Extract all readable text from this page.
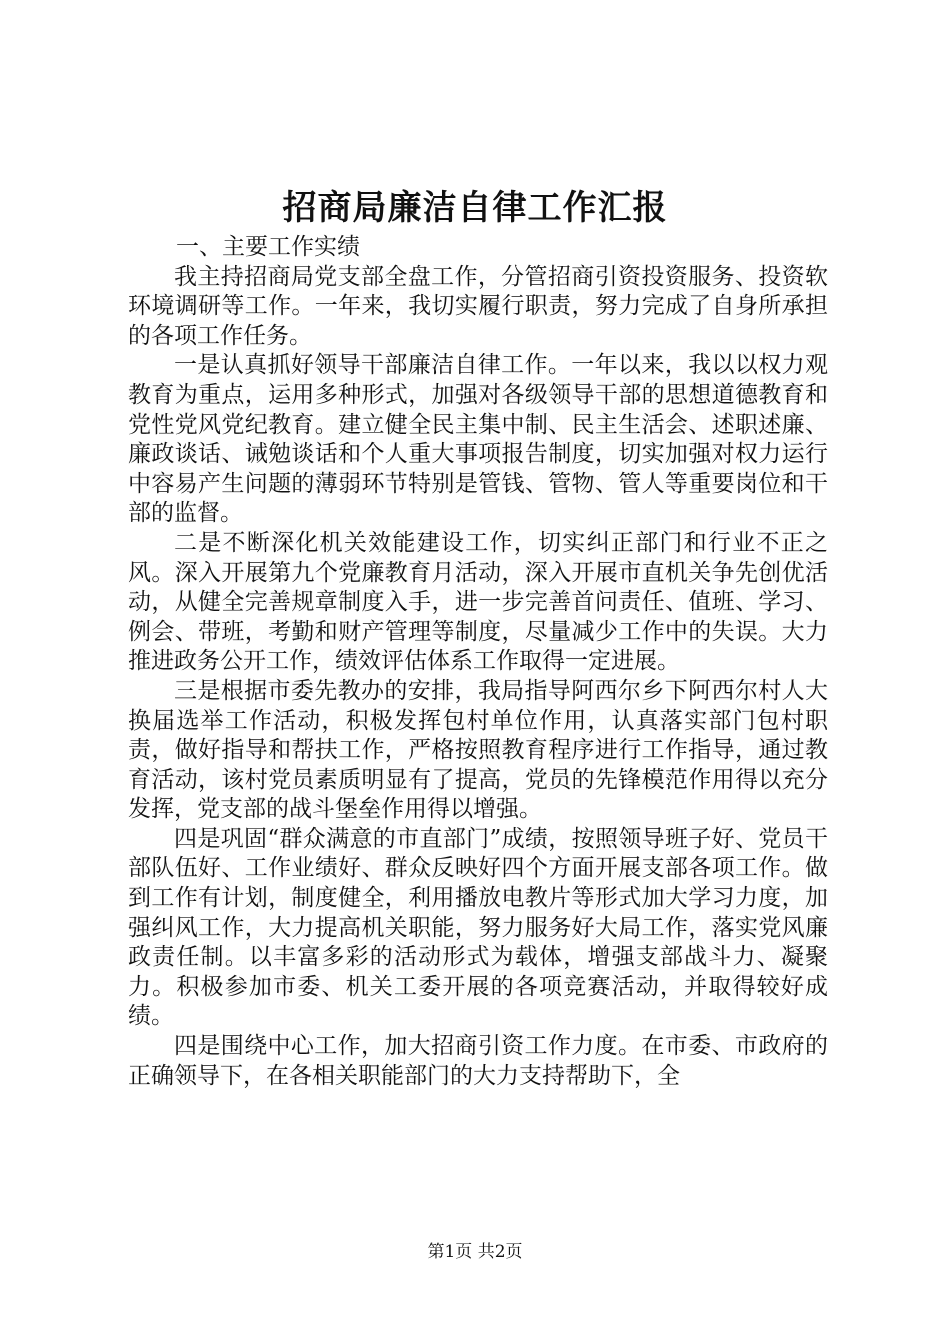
招商局廉洁自律工作汇报

一、主要工作实绩

我主持招商局党支部全盘工作，分管招商引资投资服务、投资软环境调研等工作。一年来，我切实履行职责，努力完成了自身所承担的各项工作任务。

一是认真抓好领导干部廉洁自律工作。一年以来，我以以权力观教育为重点，运用多种形式，加强对各级领导干部的思想道德教育和党性党风党纪教育。建立健全民主集中制、民主生活会、述职述廉、廉政谈话、诫勉谈话和个人重大事项报告制度，切实加强对权力运行中容易产生问题的薄弱环节特别是管钱、管物、管人等重要岗位和干部的监督。

二是不断深化机关效能建设工作，切实纠正部门和行业不正之风。深入开展第九个党廉教育月活动，深入开展市直机关争先创优活动，从健全完善规章制度入手，进一步完善首问责任、值班、学习、例会、带班，考勤和财产管理等制度，尽量减少工作中的失误。大力推进政务公开工作，绩效评估体系工作取得一定进展。

三是根据市委先教办的安排，我局指导阿西尔乡下阿西尔村人大换届选举工作活动，积极发挥包村单位作用，认真落实部门包村职责，做好指导和帮扶工作，严格按照教育程序进行工作指导，通过教育活动，该村党员素质明显有了提高，党员的先锋模范作用得以充分发挥，党支部的战斗堡垒作用得以增强。

四是巩固“群众满意的市直部门”成绩，按照领导班子好、党员干部队伍好、工作业绩好、群众反映好四个方面开展支部各项工作。做到工作有计划，制度健全，利用播放电教片等形式加大学习力度，加强纠风工作，大力提高机关职能，努力服务好大局工作，落实党风廉政责任制。以丰富多彩的活动形式为载体，增强支部战斗力、凝聚力。积极参加市委、机关工委开展的各项竞赛活动，并取得较好成绩。

四是围绕中心工作，加大招商引资工作力度。在市委、市政府的正确领导下，在各相关职能部门的大力支持帮助下，全

第1页 共2页
